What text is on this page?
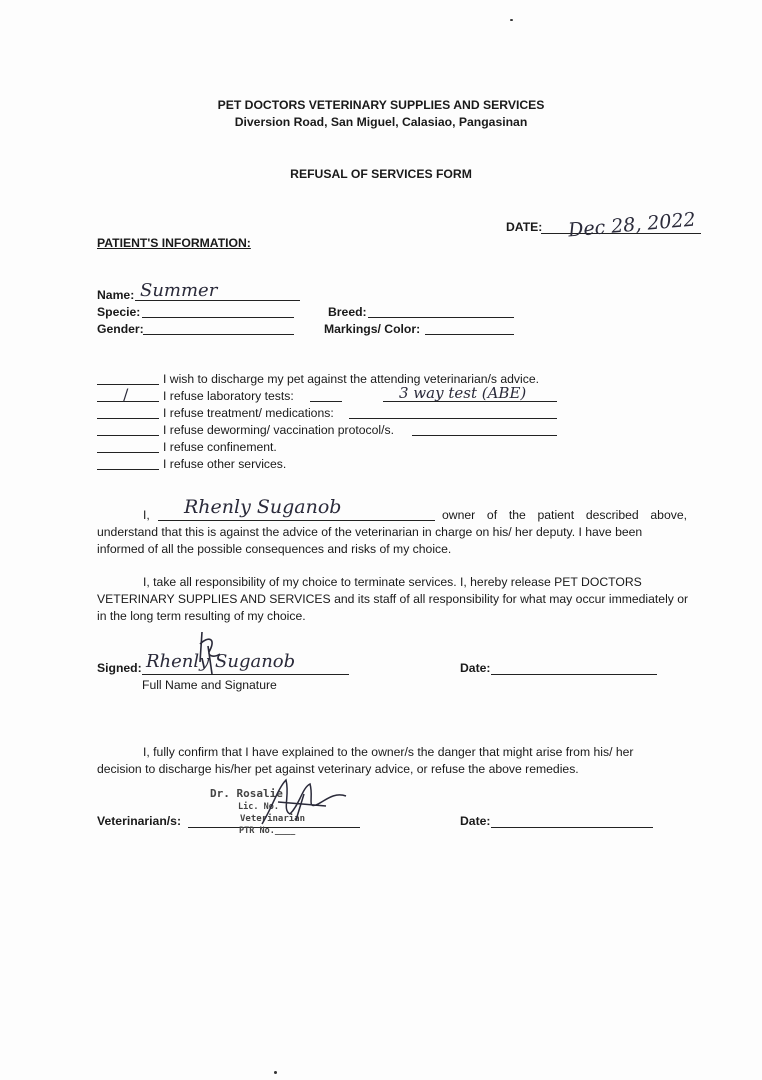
PET DOCTORS VETERINARY SUPPLIES AND SERVICES
Diversion Road, San Miguel, Calasiao, Pangasinan
REFUSAL OF SERVICES FORM
DATE: Dec 28, 2022
PATIENT'S INFORMATION:
Name: Summer
Specie:	Breed:
Gender:	Markings/ Color:
I wish to discharge my pet against the attending veterinarian/s advice.
/	I refuse laboratory tests:	3 way test (ABE)
I refuse treatment/ medications:
I refuse deworming/ vaccination protocol/s.
I refuse confinement.
I refuse other services.
I, Rhenly Suganob	owner of the patient described above,
understand that this is against the advice of the veterinarian in charge on his/ her deputy. I have been
informed of all the possible consequences and risks of my choice.
I, take all responsibility of my choice to terminate services. I, hereby release PET DOCTORS
VETERINARY SUPPLIES AND SERVICES and its staff of all responsibility for what may occur immediately or
in the long term resulting of my choice.
Signed: Rhenly Suganob
Full Name and Signature
Date:
I, fully confirm that I have explained to the owner/s the danger that might arise from his/ her
decision to discharge his/her pet against veterinary advice, or refuse the above remedies.
Veterinarian/s:
Dr. Rosalie
Lic. No.
Veterinarian
PTR No.____
Date:
